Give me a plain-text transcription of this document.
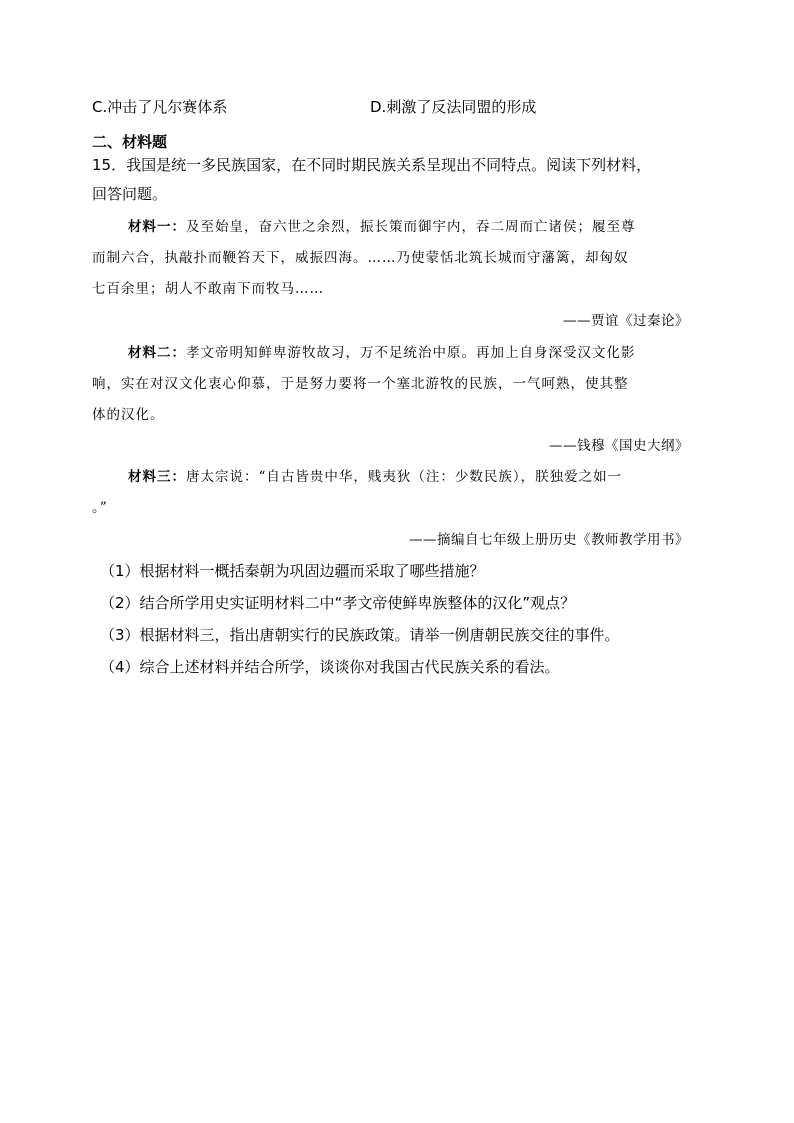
C.冲击了凡尔赛体系	D.刺激了反法同盟的形成
二、材料题
15．我国是统一多民族国家，在不同时期民族关系呈现出不同特点。阅读下列材料，
回答问题。
材料一：及至始皇，奋六世之余烈，振长策而御宇内，吞二周而亡诸侯；履至尊
而制六合，执敲扑而鞭笞天下，威振四海。……乃使蒙恬北筑长城而守藩篱，却匈奴
七百余里；胡人不敢南下而牧马……
——贾谊《过秦论》
材料二：孝文帝明知鲜卑游牧故习，万不足统治中原。再加上自身深受汉文化影
响，实在对汉文化衷心仰慕，于是努力要将一个塞北游牧的民族，一气呵熟，使其整
体的汉化。
——钱穆《国史大纲》
材料三：唐太宗说：“自古皆贵中华，贱夷狄（注：少数民族），朕独爱之如一
。”
——摘编自七年级上册历史《教师教学用书》
（1）根据材料一概括秦朝为巩固边疆而采取了哪些措施？
（2）结合所学用史实证明材料二中“孝文帝使鲜卑族整体的汉化”观点？
（3）根据材料三，指出唐朝实行的民族政策。请举一例唐朝民族交往的事件。
（4）综合上述材料并结合所学，谈谈你对我国古代民族关系的看法。
